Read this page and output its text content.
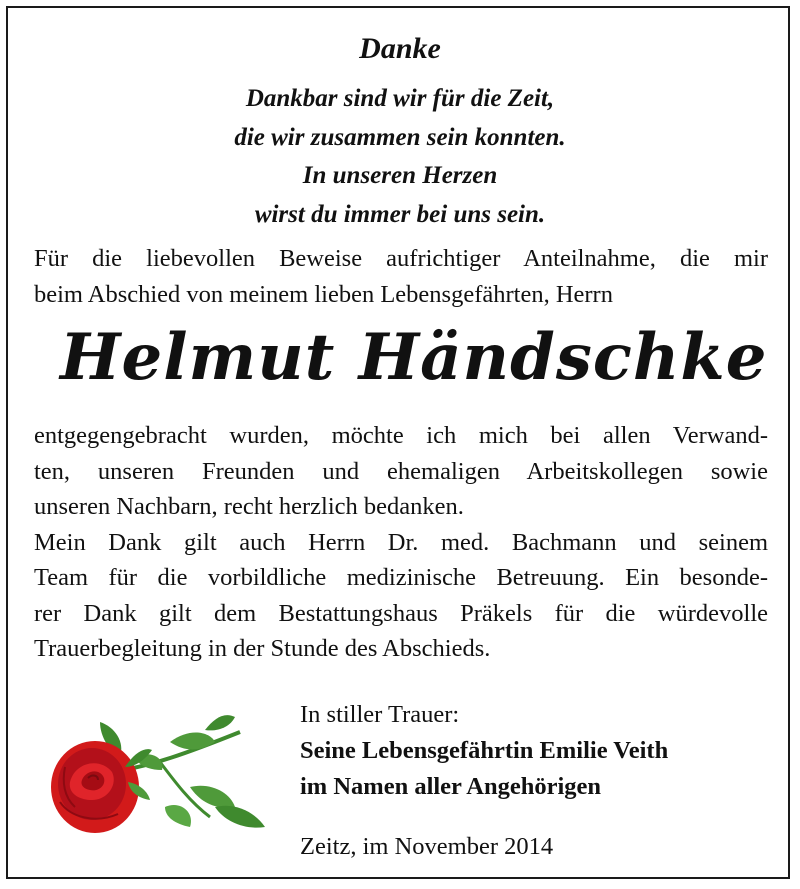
Danke
Dankbar sind wir für die Zeit,
die wir zusammen sein konnten.
In unseren Herzen
wirst du immer bei uns sein.
Für die liebevollen Beweise aufrichtiger Anteilnahme, die mir
beim Abschied von meinem lieben Lebensgefährten, Herrn
Helmut Händschke
entgegengebracht wurden, möchte ich mich bei allen Verwand-
ten, unseren Freunden und ehemaligen Arbeitskollegen sowie
unseren Nachbarn, recht herzlich bedanken.
Mein Dank gilt auch Herrn Dr. med. Bachmann und seinem
Team für die vorbildliche medizinische Betreuung. Ein besonde-
rer Dank gilt dem Bestattungshaus Präkels für die würdevolle
Trauerbegleitung in der Stunde des Abschieds.
In stiller Trauer:
Seine Lebensgefährtin Emilie Veith
im Namen aller Angehörigen
Zeitz, im November 2014
